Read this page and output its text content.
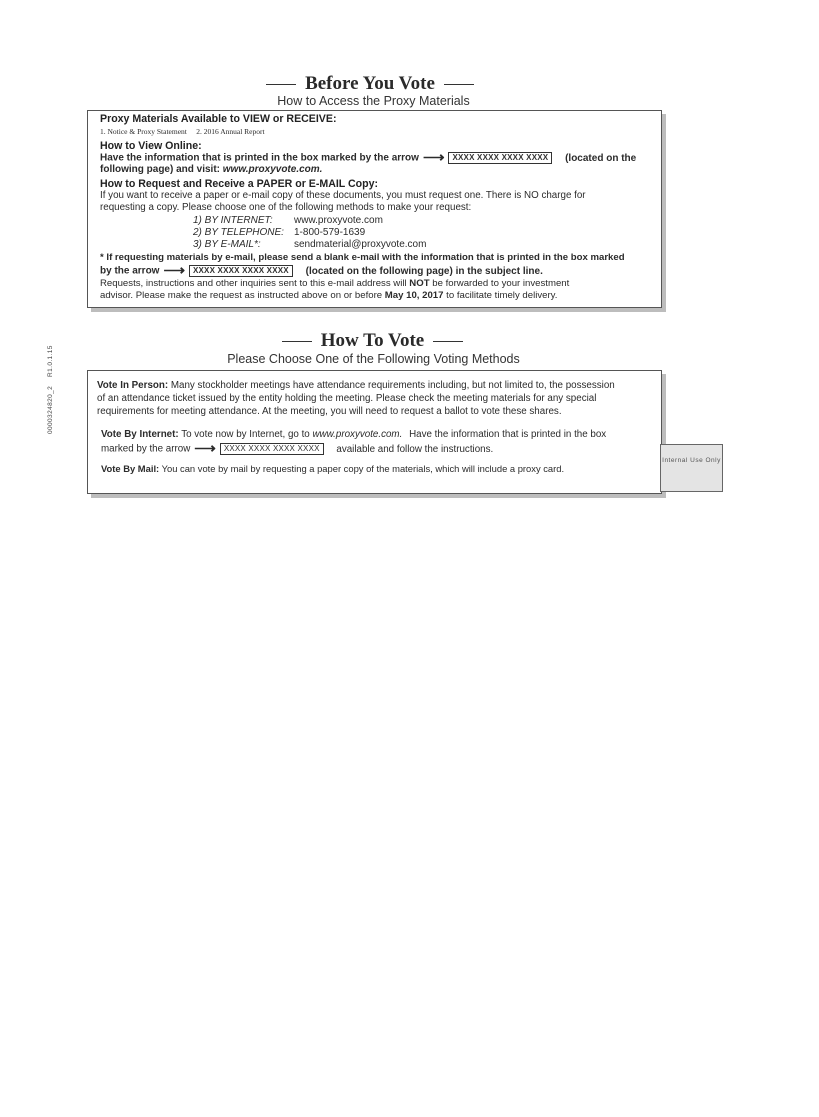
Before You Vote
How to Access the Proxy Materials
Proxy Materials Available to VIEW or RECEIVE:
1. Notice & Proxy Statement     2. 2016 Annual Report
How to View Online:
Have the information that is printed in the box marked by the arrow ⟶ XXXX XXXX XXXX XXXX (located on the
following page) and visit: www.proxyvote.com.
How to Request and Receive a PAPER or E-MAIL Copy:
If you want to receive a paper or e-mail copy of these documents, you must request one. There is NO charge for
requesting a copy. Please choose one of the following methods to make your request:
1) BY INTERNET: www.proxyvote.com
2) BY TELEPHONE: 1-800-579-1639
3) BY E-MAIL*:	sendmaterial@proxyvote.com
* If requesting materials by e-mail, please send a blank e-mail with the information that is printed in the box marked
by the arrow ⟶ XXXX XXXX XXXX XXXX (located on the following page) in the subject line.
Requests, instructions and other inquiries sent to this e-mail address will NOT be forwarded to your investment
advisor. Please make the request as instructed above on or before May 10, 2017 to facilitate timely delivery.
How To Vote
Please Choose One of the Following Voting Methods
Vote In Person: Many stockholder meetings have attendance requirements including, but not limited to, the possession
of an attendance ticket issued by the entity holding the meeting. Please check the meeting materials for any special
requirements for meeting attendance. At the meeting, you will need to request a ballot to vote these shares.
Vote By Internet: To vote now by Internet, go to www.proxyvote.com. Have the information that is printed in the box
marked by the arrow ⟶ XXXX XXXX XXXX XXXX available and follow the instructions.
Vote By Mail: You can vote by mail by requesting a paper copy of the materials, which will include a proxy card.
0000324820_2    R1.0.1.15
Internal Use Only
